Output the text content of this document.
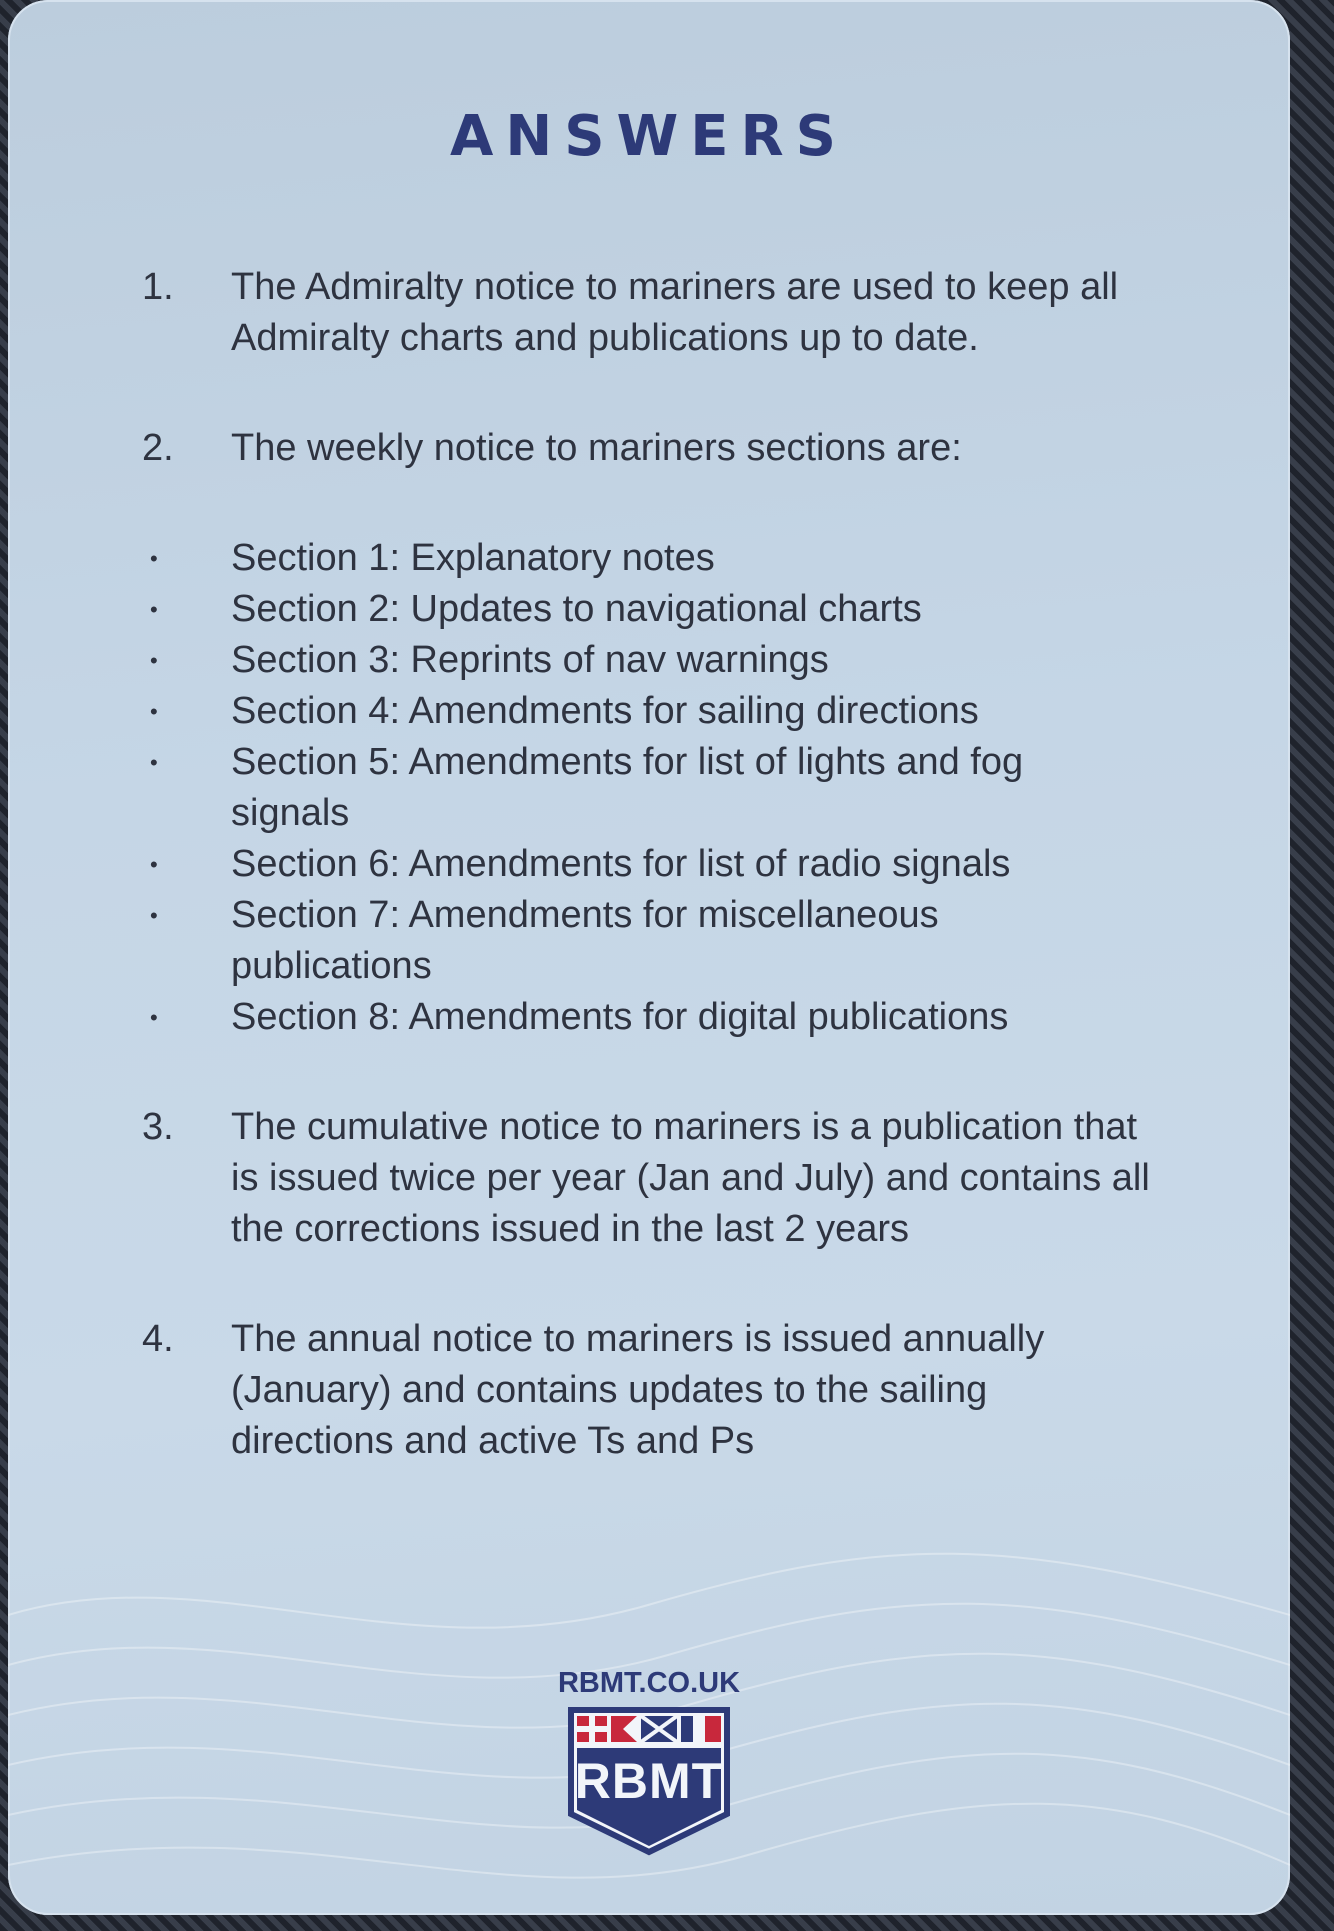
ANSWERS
1.	The Admiralty notice to mariners are used to keep all Admiralty charts and publications up to date.
2.	The weekly notice to mariners sections are:
•	Section 1: Explanatory notes
•	Section 2: Updates to navigational charts
•	Section 3: Reprints of nav warnings
•	Section 4: Amendments for sailing directions
•	Section 5: Amendments for list of lights and fog signals
•	Section 6: Amendments for list of radio signals
•	Section 7: Amendments for miscellaneous publications
•	Section 8: Amendments for digital publications
3.	The cumulative notice to mariners is a publication that is issued twice per year (Jan and July) and contains all the corrections issued in the last 2 years
4.	The annual notice to mariners is issued annually (January) and contains updates to the sailing directions and active Ts and Ps
RBMT.CO.UK
RBMT
